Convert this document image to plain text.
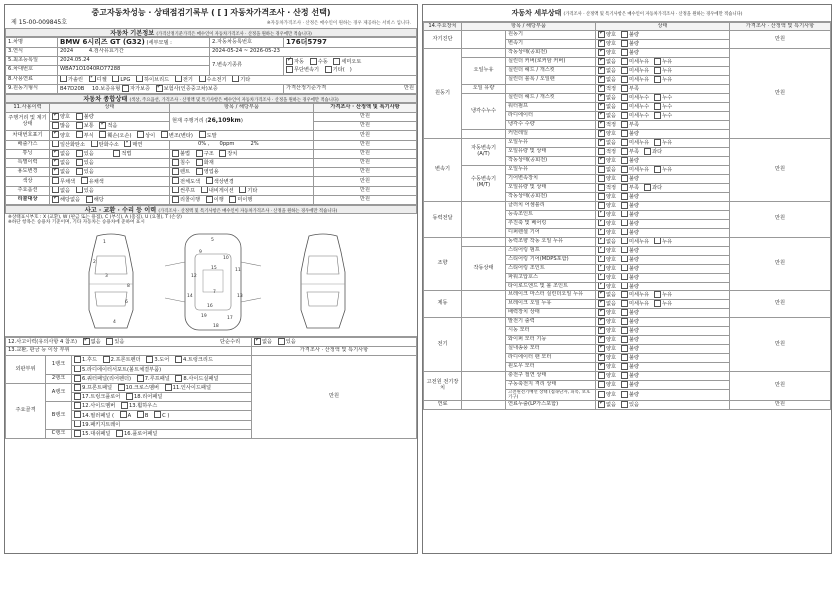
중고자동차성능 · 상태점검기록부 ( [ ] 자동차가격조사 · 산정 선택)
제 15-00-009845호	※자동차가격조사 · 산정은 매수인이 원하는 경우 제공하는 서비스 입니다.
자동차 기본정보 (가격산정기준가격은 매수인이 자동차가격조사 · 산정을 원하는 경우에만 적습니다)
1.차명	BMW 6시리즈 GT (G32) (세부모델 :	2.자동차등록번호	176더5797
3.연식	2024 4.검사유효기간	2024-05-24 ~ 2026-05-23	
5.최초등록일	2024.05.24	7.변속기종류	✓자동 수동 세미오토
무단변속기 기타(   )
6.차대번호	WBA71O1040RO77288		
8.사용연료	가솔린 ✓ 디젤 LPG 하이브리드 전기 수소전기 기타
9.원동기형식	B47D20B 10.보증유형 자가보증 ✓ 보험사(인증중고차)보증		가격산정기준가격 만원
자동차 종합상태 (색상, 주요옵션, 가격조사 · 산정액 및 특기사항은 매수인이 자동차가격조사 · 산정을 원하는 경우에만 적습니다)
11.사용이력	상태	항목 / 해당부품	가격조사 · 산정액 및 특기사항
주행거리 및 계기상태	✓양호 불량	현재 주행거리 (26,109km)	만원
	많음 보통 ✓ 적음		만원
차대번호표기	✓양호 부식 훼손(오손) 상이 변조(변타) 도말		만원
배출가스	일산화탄소 탄화수소 ✓ 매연	0% , 0ppm 2%	만원
튜닝	✓없음 있음 적법	불법 구조 장치	만원
특별이력	✓없음 있음	침수 화재	만원
용도변경	✓없음 있음	렌트 영업용	만원
색상	무채색 유채색	전체도색 색상변경	만원
주요옵션	없음 있음	썬루프 내비게이션 기타	만원
리콜대상	✓해당없음 해당	리콜이행 이행 미이행	만원
사고 · 교환 · 수리 등 이력 (가격조사 · 산정액 및 특기사항은 매수인이 자동차가격조사 · 산정을 원하는 경우에만 적습니다)
※상태표시부호 : X (교환), W (판금 또는 용접), C (부식), A (흠집), U (요철), T (손상)
※하단 항목은 승용차 기준이며, 기타 자동차는 승용차에 준하여 표시
1
2
3
4
5
6
7
8
9
10
11
12
13
14
15
16
17
18
19
12.사고이력(유의사항 4 참조) ✓ 없음 있음 단순수리	✓없음 있음
13.교환, 판금 등 이상 부위			가격조사 · 산정액 및 특기사항
외판부위	1랭크	1.후드 2.프론트펜더 3.도어 4.트렁크리드	만원
		5.라디에이터서포트(볼트체결부품)	
	2랭크	6.쿼터패널(리어펜더) 7.루프패널 8.사이드실패널	
주요골격	A랭크	9.프론트패널 10.크로스멤버 11.인사이드패널	
		17.트렁크플로어 18.리어패널	
	B랭크	12.사이드멤버 13.휠하우스	
		14.필러패널 ( A B C )	
		19.패키지트레이	
	C랭크	15.대쉬패널 16.플로어패널	
자동차 세부상태 (가격조사 · 산정액 및 특기사항은 매수인이 자동차가격조사 · 산정을 원하는 경우에만 적습니다)
14.주요장치	항목 / 해당부품		상태	가격조사 · 산정액 및 특기사항
자기진단		원동기	✓양호 불량	만원
		변속기	✓양호 불량
원동기		작동상태(공회전)	✓양호 불량	만원
	오일누유	실린더 커버(로커암 커버)	✓없음 미세누유 누유
		실린더 헤드 / 개스킷	✓없음 미세누유 누유
		실린더 블록 / 오일팬	✓없음 미세누유 누유
	오일 유량		✓적정 부족
	냉각수누수	실린더 헤드 / 개스킷	✓없음 미세누수 누수
		워터펌프	✓없음 미세누수 누수
		라디에이터	✓없음 미세누수 누수
		냉각수 수량	✓적정 부족
		커먼레일	✓양호 불량
변속기	자동변속기 (A/T)	오일누유	✓없음 미세누유 누유	만원
		오일유량 및 상태	적정 부족 과다	
		작동상태(공회전)	✓양호 불량
	수동변속기 (M/T)	오일누유	없음 미세누유 누유	
		기어변속장치	양호 불량	
		오일유량 및 상태	적정 부족 과다	
		작동상태(공회전)	양호 불량	
동력전달		클러치 어셈블리	양호 불량	만원
		등속조인트	✓양호 불량
		추진축 및 베어링	✓양호 불량
		디퍼렌셜 기어	✓양호 불량
조향		동력조향 작동 오일 누유	✓없음 미세누유 누유	만원
	작동상태	스티어링 펌프	✓양호 불량
		스티어링 기어(MDPS포함)	✓양호 불량
		스티어링 조인트	✓양호 불량
		파워고압호스	✓양호 불량
		타이로드엔드 및 볼 조인트	✓양호 불량
제동		브레이크 마스터 실린더오일 누유	✓없음 미세누유 누유	만원
		브레이크 오일 누유	✓없음 미세누유 누유
		배력장치 상태	✓양호 불량
전기		발전기 출력	✓양호 불량	만원
		시동 모터	✓양호 불량
		와이퍼 모터 기능	✓양호 불량
		실내송풍 모터	✓양호 불량
		라디에이터 팬 모터	✓양호 불량
		윈도우 모터	✓양호 불량
고전원 전기장치		충전구 절연 상태	양호 불량	만원
		구동축전지 격리 상태	양호 불량	
		고전원전기배선 상태 (접속단자, 피복, 보호기구)	양호 불량	
연료		연료누출(LP가스포함)	✓없음 있음	만원
